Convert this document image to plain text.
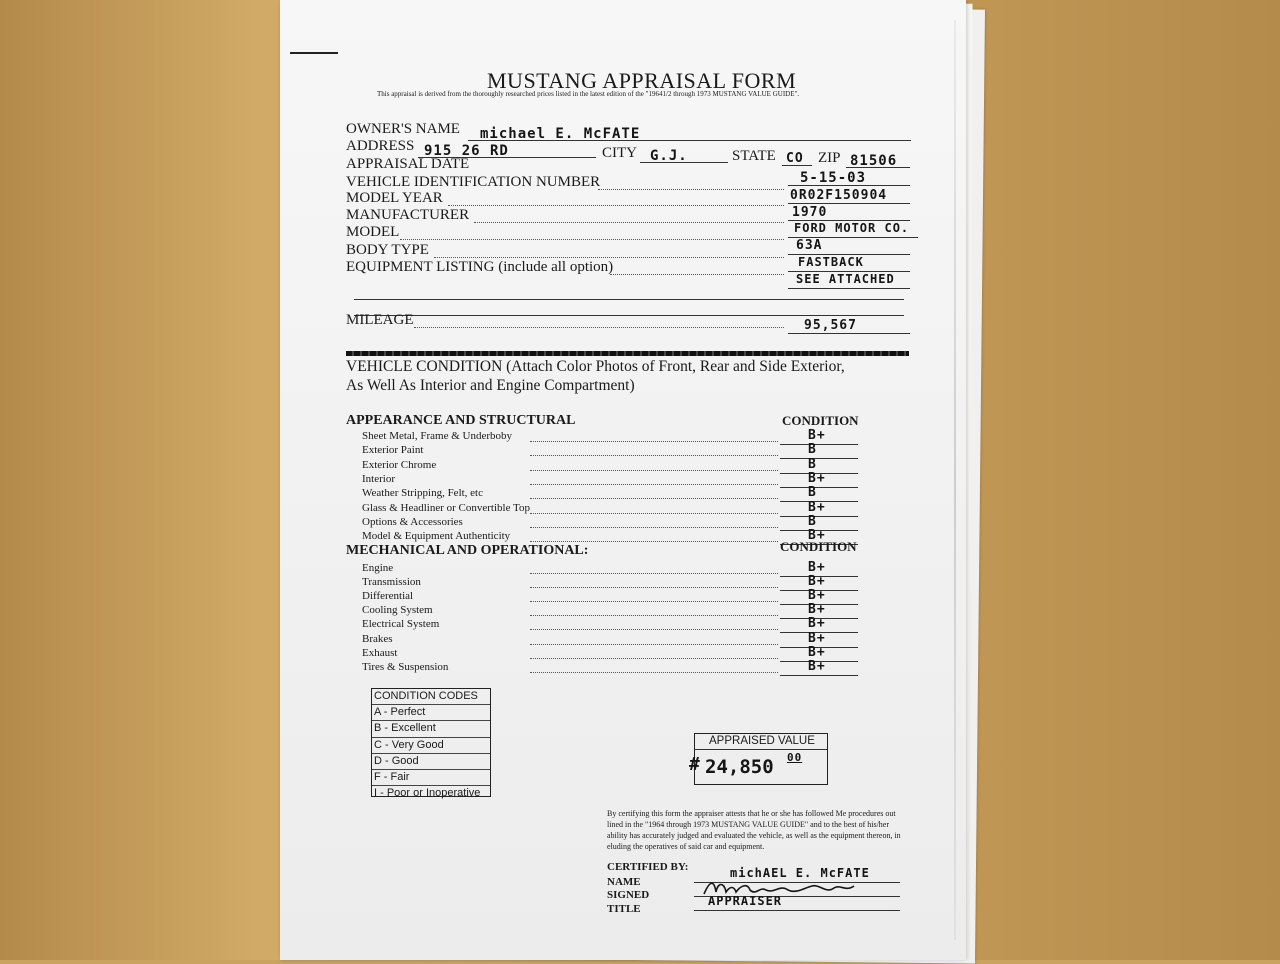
MUSTANG APPRAISAL FORM
This appraisal is derived from the thoroughly researched prices listed in the latest edition of the "19641/2 through 1973 MUSTANG VALUE GUIDE".
OWNER'S NAME michael E. McFATE
ADDRESS 915 26 RD	CITY G.J.	STATE CO ZIP 81506
APPRAISAL DATE
5-15-03
VEHICLE IDENTIFICATION NUMBER
0R02F150904
MODEL YEAR
1970
MANUFACTURER
FORD MOTOR CO.
MODEL
63A
BODY TYPE
FASTBACK
EQUIPMENT LISTING (include all option)
SEE ATTACHED
MILEAGE	95,567
VEHICLE CONDITION (Attach Color Photos of Front, Rear and Side Exterior,
As Well As Interior and Engine Compartment)
APPEARANCE AND STRUCTURAL	CONDITION
Sheet Metal, Frame & Underboby	B+
Exterior Paint	B
Exterior Chrome	B
Interior	B+
Weather Stripping, Felt, etc	B
Glass & Headliner or Convertible Top	B+
Options & Accessories	B
Model & Equipment Authenticity	B+
MECHANICAL AND OPERATIONAL:	CONDITION
Engine	B+
Transmission	B+
Differential	B+
Cooling System	B+
Electrical System	B+
Brakes	B+
Exhaust	B+
Tires & Suspension	B+
CONDITION CODES
A - Perfect
B - Excellent
C - Very Good
D - Good
F - Fair
I - Poor or Inoperative
APPRAISED VALUE
# 24,850 00
By certifying this form the appraiser attests that he or she has followed Me procedures out lined in the "1964 through 1973 MUSTANG VALUE GUIDE" and to the best of his/her ability has accurately judged and evaluated the vehicle, as well as the equipment thereon, in eluding the operatives of said car and equipment.
CERTIFIED BY:
NAME
michAEL E. McFATE
SIGNED
TITLE
APPRAISER
